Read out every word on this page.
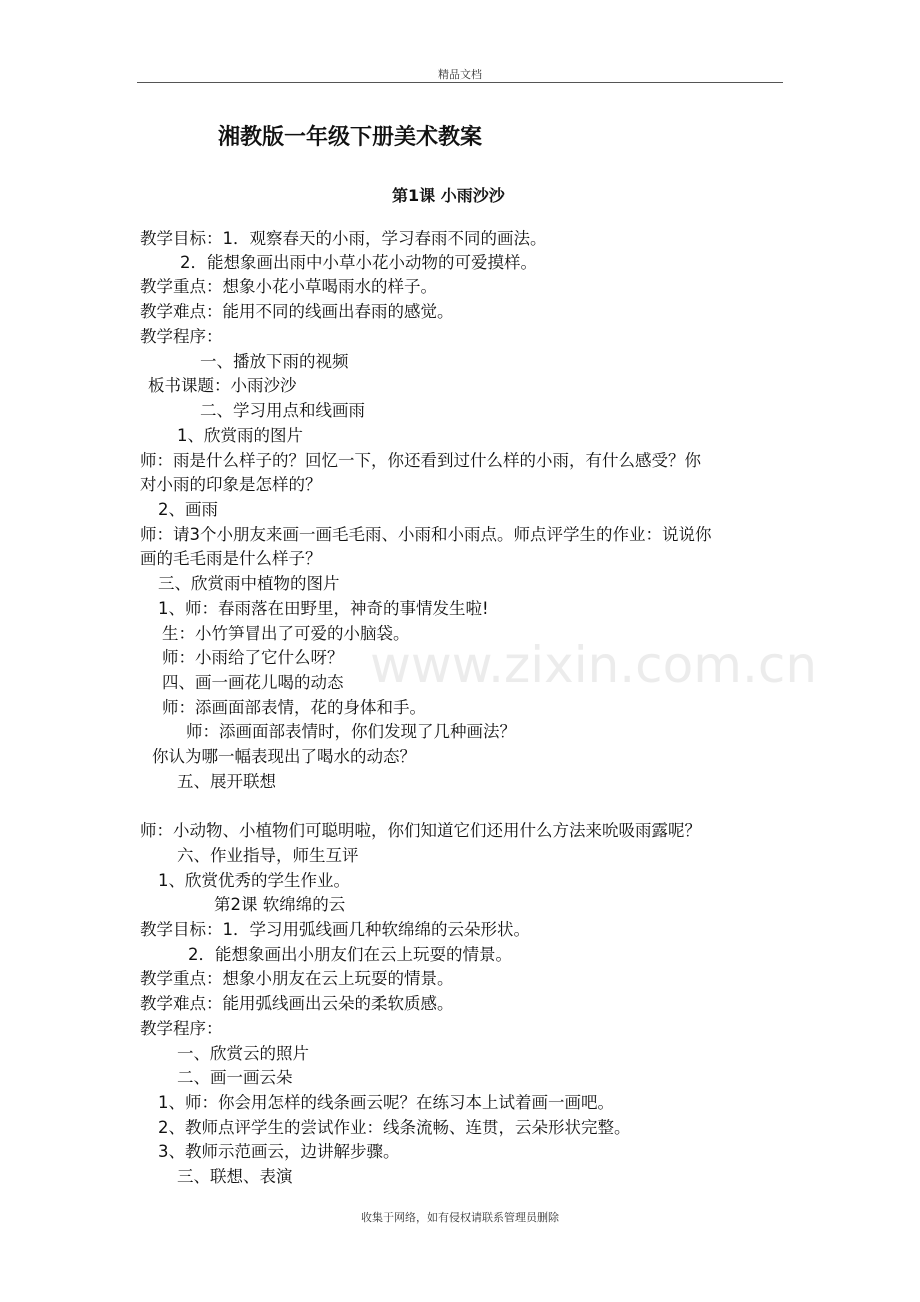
精品文档
湘教版一年级下册美术教案
第1课 小雨沙沙
www.zixin.com.cn
教学目标：1．观察春天的小雨，学习春雨不同的画法。
2．能想象画出雨中小草小花小动物的可爱摸样。
教学重点：想象小花小草喝雨水的样子。
教学难点：能用不同的线画出春雨的感觉。
教学程序：
一、播放下雨的视频
板书课题：小雨沙沙
二、学习用点和线画雨
1、欣赏雨的图片
师：雨是什么样子的？回忆一下，你还看到过什么样的小雨，有什么感受？你
对小雨的印象是怎样的？
2、画雨
师：请3个小朋友来画一画毛毛雨、小雨和小雨点。师点评学生的作业：说说你
画的毛毛雨是什么样子？
三、欣赏雨中植物的图片
1、师：春雨落在田野里，神奇的事情发生啦!
生：小竹笋冒出了可爱的小脑袋。
师：小雨给了它什么呀？
四、画一画花儿喝的动态
师：添画面部表情，花的身体和手。
师：添画面部表情时，你们发现了几种画法？
你认为哪一幅表现出了喝水的动态？
五、展开联想
师：小动物、小植物们可聪明啦，你们知道它们还用什么方法来吮吸雨露呢？
六、作业指导，师生互评
1、欣赏优秀的学生作业。
第2课 软绵绵的云
教学目标：1．学习用弧线画几种软绵绵的云朵形状。
2．能想象画出小朋友们在云上玩耍的情景。
教学重点：想象小朋友在云上玩耍的情景。
教学难点：能用弧线画出云朵的柔软质感。
教学程序：
一、欣赏云的照片
二、画一画云朵
1、师：你会用怎样的线条画云呢？在练习本上试着画一画吧。
2、教师点评学生的尝试作业：线条流畅、连贯，云朵形状完整。
3、教师示范画云，边讲解步骤。
三、联想、表演
收集于网络，如有侵权请联系管理员删除
